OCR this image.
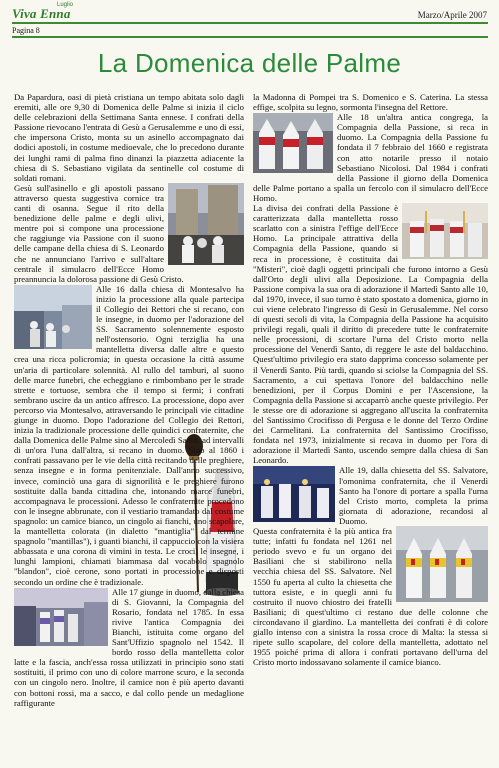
Viva Enna
Luglio
Marzo/Aprile 2007
Pagina 8
La Domenica delle Palme

Da Papardura, oasi di pietà cristiana un tempo abitata solo dagli eremiti, alle ore 9,30 di Domenica delle Palme si inizia il ciclo delle celebrazioni della Settimana Santa ennese. I confrati della Passione rievocano l'entrata di Gesù a Gerusalemme e uno di essi, che impersona Cristo, monta su un asinello accompagnato dai dodici apostoli, in costume medioevale, che lo precedono durante dei lunghi rami di palma fino dinanzi la piazzetta adiacente la chiesa di S. Sebastiano vigilata da sentinelle col costume di soldati romani.

Gesù sull'asinello e gli apostoli passano attraverso questa suggestiva cornice tra canti di osanna. Segue il rito della benedizione delle palme e degli ulivi, mentre poi si compone una processione che raggiunge via Passione con il suono delle campane della chiesa di S. Leonardo che ne annunciano l'arrivo e sull'altare centrale il simulacro dell'Ecce Homo preannuncia la dolorosa passione di Gesù Cristo.

Alle 16 dalla chiesa di Montesalvo ha inizio la processione alla quale partecipa il Collegio dei Rettori che si recano, con le insegne, in duomo per l'adorazione del SS. Sacramento solennemente esposto nell'ostensorio. Ogni terziglia ha una mantelletta diversa dalle altre e questo crea una ricca policromia; in questa occasione la città assume un'aria di particolare solennità. Al rullo del tamburi, al suono delle marce funebri, che echeggiano e rimbombano per le strade strette e tortuose, sembra che il tempo si fermi; i confrati sembrano uscire da un antico affresco. La processione, dopo aver percorso via Montesalvo, attraversando le principali vie cittadine giunge in duomo. Dopo l'adorazione del Collegio dei Rettori, inizia la tradizionale processione delle quindici confraternite, che dalla Domenica delle Palme sino al Mercoledì Santo, ad intervalli di un'ora l'una dall'altra, si recano in duomo. Sino al 1860 i confrati passavano per le vie della città recitando delle preghiere, senza insegne e in forma penitenziale. Dall'anno successivo, invece, cominciò una gara di signorilità e le preghiere furono sostituite dalla banda cittadina che, intonando marce funebri, accompagnava le processioni. Adesso le confraternite procedono con le insegne abbrunate, con il vestiario tramandato dal costume spagnolo: un camice bianco, un cingolo ai fianchi, uno scapolare, la mantelletta colorata (in dialetto "mantiglia" dal termine spagnolo "mantillas"), i guanti bianchi, il cappuccio con la visiera abbassata e una corona di vimini in testa. Le croci, le insegne, i lunghi lampioni, chiamati biammasa dal vocabolo spagnolo "blandon", cioè cerone, sono portati in processione e disposti secondo un ordine che è tradizionale.

Alle 17 giunge in duomo, dalla chiesa di S. Giovanni, la Compagnia del Rosario, fondata nel 1785. In essa rivive l'antica Compagnia dei Bianchi, istituita come organo del Sant'Uffizio spagnolo nel 1542. Il bordo rosso della mantelletta color latte e la fascia, anch'essa rossa utilizzati in principio sono stati sostituiti, il primo con uno di colore marrone scuro, e la seconda con un cingolo nero. Inoltre, il camice non è più aperto davanti con bottoni rossi, ma a sacco, e dal collo pende un medaglione raffigurante

la Madonna di Pompei tra S. Domenico e S. Caterina. La stessa effige, scolpita su legno, sormonta l'insegna del Rettore.

Alle 18 un'altra antica congrega, la Compagnia della Passione, si reca in duomo. La Compagnia della Passione fu fondata il 7 febbraio del 1660 e registrata con atto notarile presso il notaio Sebastiano Nicolosi. Dal 1984 i confrati della Passione il giorno della Domenica delle Palme portano a spalla un fercolo con il simulacro dell'Ecce Homo.

La divisa dei confrati della Passione è caratterizzata dalla mantelletta rosso scarlatto con a sinistra l'effige dell'Ecce Homo. La principale attrattiva della Compagnia della Passione, quando si reca in processione, è costituita dai "Misteri", cioè dagli oggetti principali che furono intorno a Gesù dall'Orto degli ulivi alla Deposizione. La Compagnia della Passione compiva la sua ora di adorazione il Martedì Santo alle 10, dal 1970, invece, il suo turno è stato spostato a domenica, giorno in cui viene celebrato l'ingresso di Gesù in Gerusalemme. Nel corso di questi secoli di vita, la Compagnia della Passione ha acquisito privilegi regali, quali il diritto di precedere tutte le confraternite nelle processioni, di scortare l'urna del Cristo morto nella processione del Venerdì Santo, di reggere le aste del baldacchino. Quest'ultimo privilegio era stato dapprima concesso solamente per il Venerdì Santo. Più tardi, quando si sciolse la Compagnia del SS. Sacramento, a cui spettava l'onore del baldacchino nelle benedizioni, per il Corpus Domini e per l'Ascensione, la Compagnia della Passione si accaparrò anche queste privilegio. Per le stesse ore di adorazione si aggregano all'uscita la confraternita del Santissimo Crocifisso di Pergusa e le donne del Terzo Ordine dei Carmelitani. La confraternita del Santissimo Crocifisso, fondata nel 1973, inizialmente si recava in duomo per l'ora di adorazione il Martedì Santo, uscendo sempre dalla chiesa di San Leonardo.

Alle 19, dalla chiesetta del SS. Salvatore, l'omonima confraternita, che il Venerdì Santo ha l'onore di portare a spalla l'urna del Cristo morto, completa la prima giornata di adorazione, recandosi al Duomo.

Questa confraternita è la più antica fra tutte; infatti fu fondata nel 1261 nel periodo svevo e fu un organo dei Basiliani che si stabilirono nella vecchia chiesa del SS. Salvatore. Nel 1550 fu aperta al culto la chiesetta che tuttora esiste, e in quegli anni fu costruito il nuovo chiostro dei frateIli Basiliani; di quest'ultimo ci restano due delle colonne che circondavano il giardino. La mantelletta dei confrati è di colore giallo intenso con a sinistra la rossa croce di Malta: la stessa si ripete sullo scapolare, del colore della mantelletta, adottato nel 1955 poiché prima di allora i confrati portavano dell'urna del Cristo morto indossavano solamente il camice bianco.
